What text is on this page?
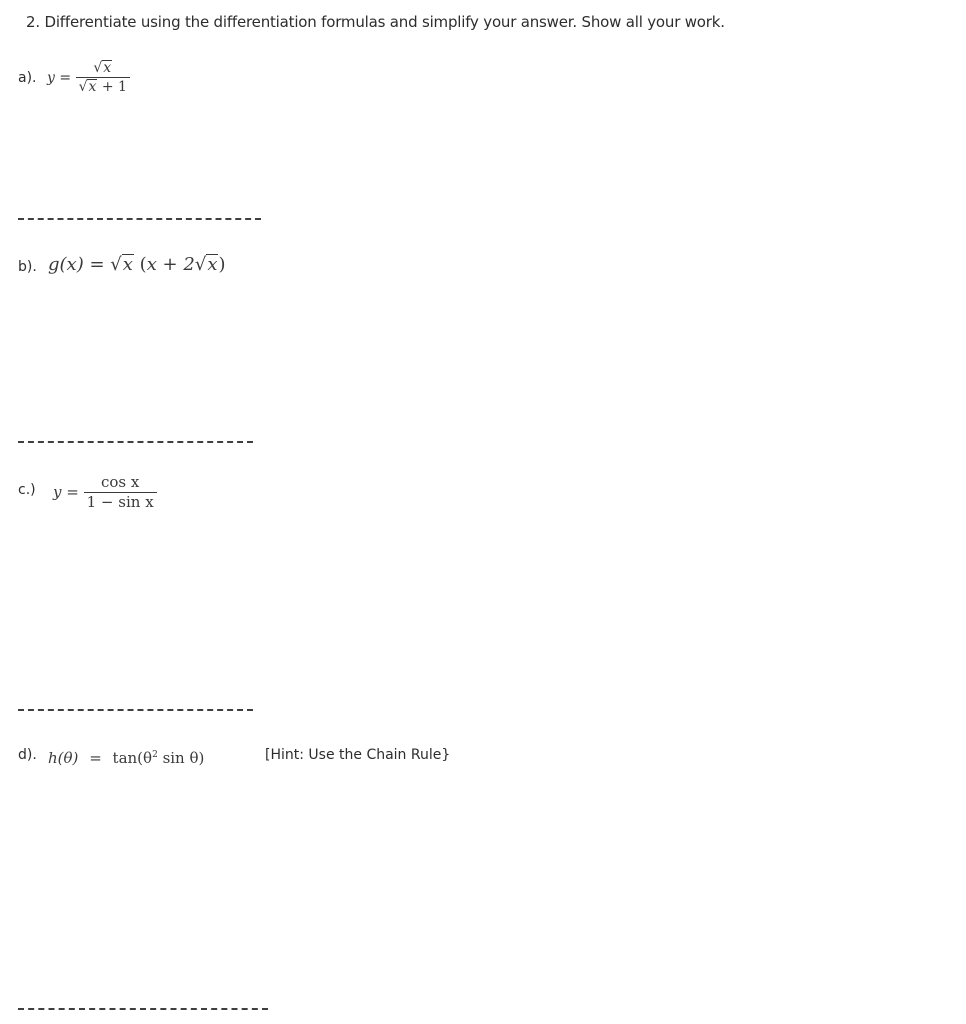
2. Differentiate using the differentiation formulas and simplify your answer. Show all your work.
a). $y = \frac{√ x}{√ x + 1}$
b). g(x) = √ x (x + 2 √ x )
c.) $y = \frac{\text{cos x}}{\text{1 − sin x}}$
d). $h(\theta) = \tan(\theta^2$ sin θ)	[Hint: Use the Chain Rule}
